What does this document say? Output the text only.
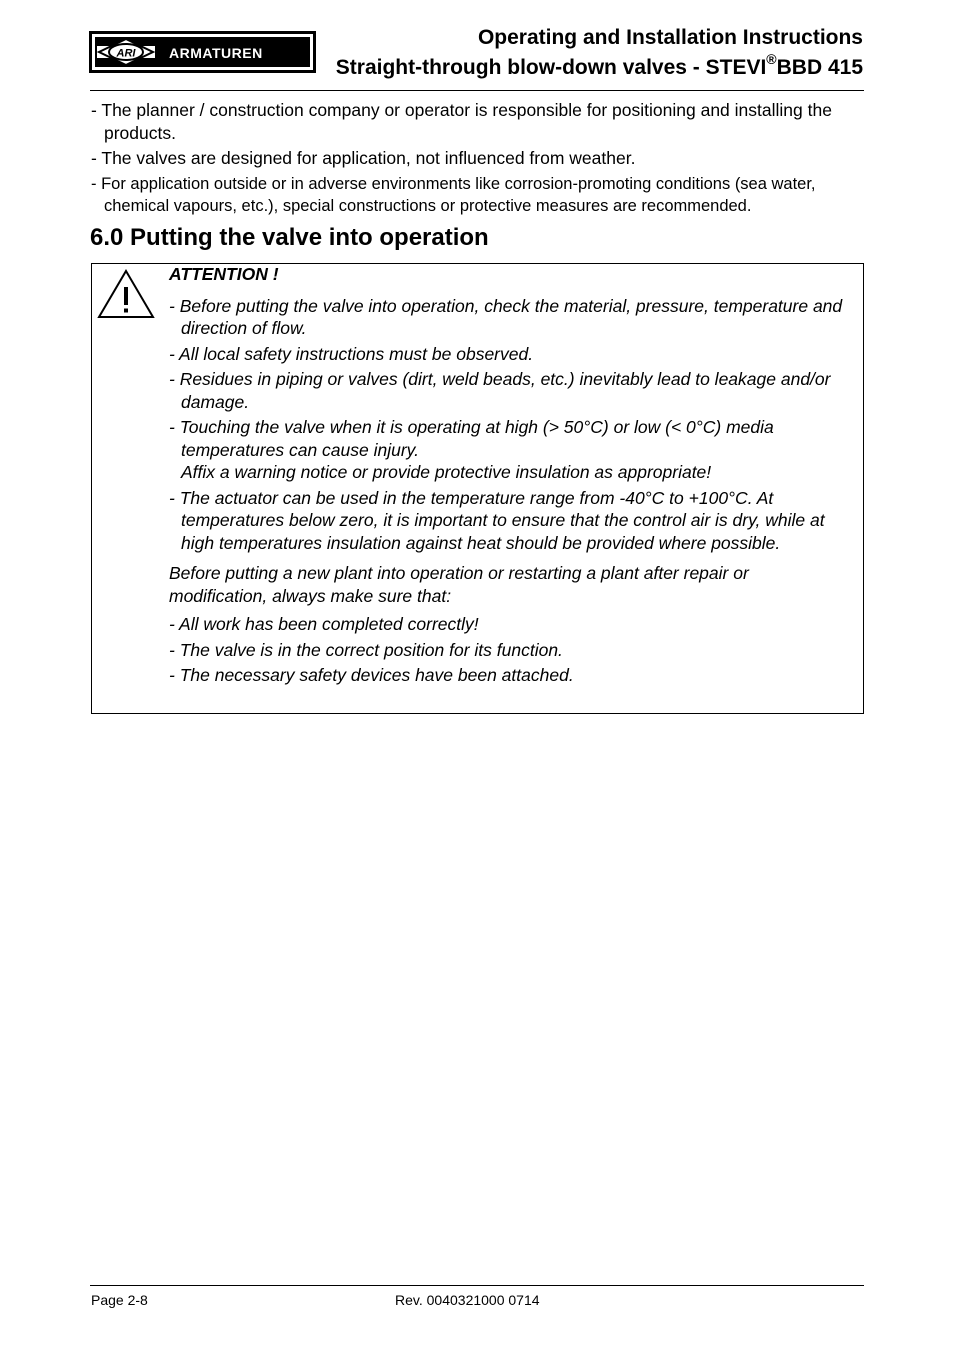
ARI ARMATUREN
Operating and Installation Instructions
Straight-through blow-down valves - STEVI®BBD 415
- The planner / construction company or operator is responsible for positioning and installing the products.
- The valves are designed for application, not influenced from weather.
- For application outside or in adverse environments like corrosion-promoting conditions (sea water, chemical vapours, etc.), special constructions or protective measures are recommended.
6.0 Putting the valve into operation
ATTENTION !
- Before putting the valve into operation, check the material, pressure, temperature and direction of flow.
- All local safety instructions must be observed.
- Residues in piping or valves (dirt, weld beads, etc.) inevitably lead to leakage and/or damage.
- Touching the valve when it is operating at high (> 50°C) or low (< 0°C) media temperatures can cause injury.
Affix a warning notice or provide protective insulation as appropriate!
- The actuator can be used in the temperature range from -40°C to +100°C. At temperatures below zero, it is important to ensure that the control air is dry, while at high temperatures insulation against heat should be provided where possible.
Before putting a new plant into operation or restarting a plant after repair or modification, always make sure that:
- All work has been completed correctly!
- The valve is in the correct position for its function.
- The necessary safety devices have been attached.
Page 2-8	Rev. 0040321000 0714
